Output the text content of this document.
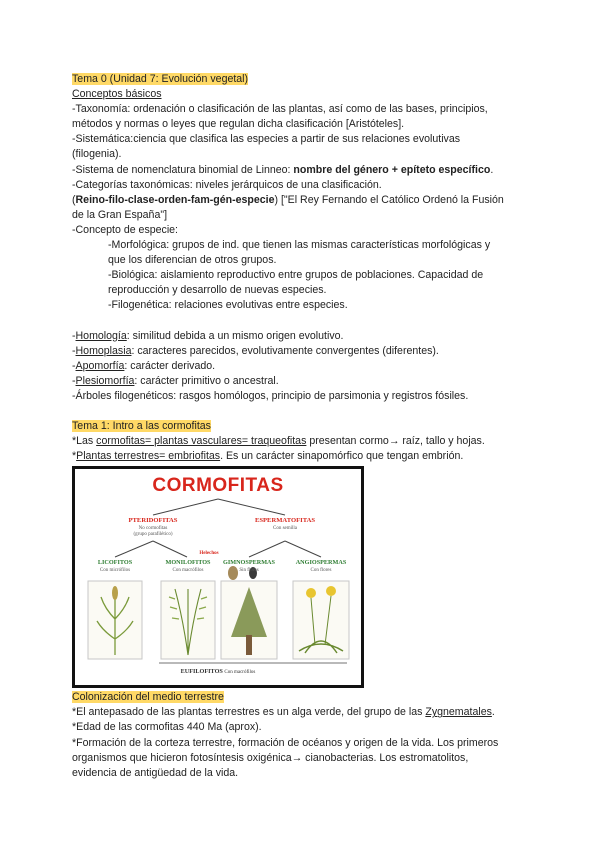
Tema 0 (Unidad 7: Evolución vegetal)
Conceptos básicos
-Taxonomía: ordenación o clasificación de las plantas, así como de las bases, principios,
métodos y normas o leyes que regulan dicha clasificación [Aristóteles].
-Sistemática:ciencia que clasifica las especies a partir de sus relaciones evolutivas
(filogenia).
-Sistema de nomenclatura binomial de Linneo: nombre del género + epíteto específico.
-Categorías taxonómicas: niveles jerárquicos de una clasificación.
(Reino-filo-clase-orden-fam-gén-especie) ["El Rey Fernando el Católico Ordenó la Fusión
de la Gran España"]
-Concepto de especie:
-Morfológica: grupos de ind. que tienen las mismas características morfológicas y
que los diferencian de otros grupos.
-Biológica: aislamiento reproductivo entre grupos de poblaciones. Capacidad de
reproducción y desarrollo de nuevas especies.
-Filogenética: relaciones evolutivas entre especies.
-Homología: similitud debida a un mismo origen evolutivo.
-Homoplasia: caracteres parecidos, evolutivamente convergentes (diferentes).
-Apomorfía: carácter derivado.
-Plesiomorfía: carácter primitivo o ancestral.
-Árboles filogenéticos: rasgos homólogos, principio de parsimonia y registros fósiles.
Tema 1: Intro a las cormofitas
*Las cormofitas= plantas vasculares= traqueofitas presentan cormo→ raíz, tallo y hojas.
*Plantas terrestres= embriofitas. Es un carácter sinapomórfico que tengan embrión.
CORMOFITAS
PTERIDOFITAS
No cormofitas
(grupo parafilético)
ESPERMATOFITAS
Con semilla
LICOFITOS
Con micrófilos
MONILOFITOS
Con macrófilos
Helechos
GIMNOSPERMAS
Sin flores
ANGIOSPERMAS
Con flores
EUFILOFITOS Con macrófilos
Colonización del medio terrestre
*El antepasado de las plantas terrestres es un alga verde, del grupo de las Zygnematales.
*Edad de las cormofitas 440 Ma (aprox).
*Formación de la corteza terrestre, formación de océanos y origen de la vida. Los primeros
organismos que hicieron fotosíntesis oxigénica→ cianobacterias. Los estromatolitos,
evidencia de antigüedad de la vida.
